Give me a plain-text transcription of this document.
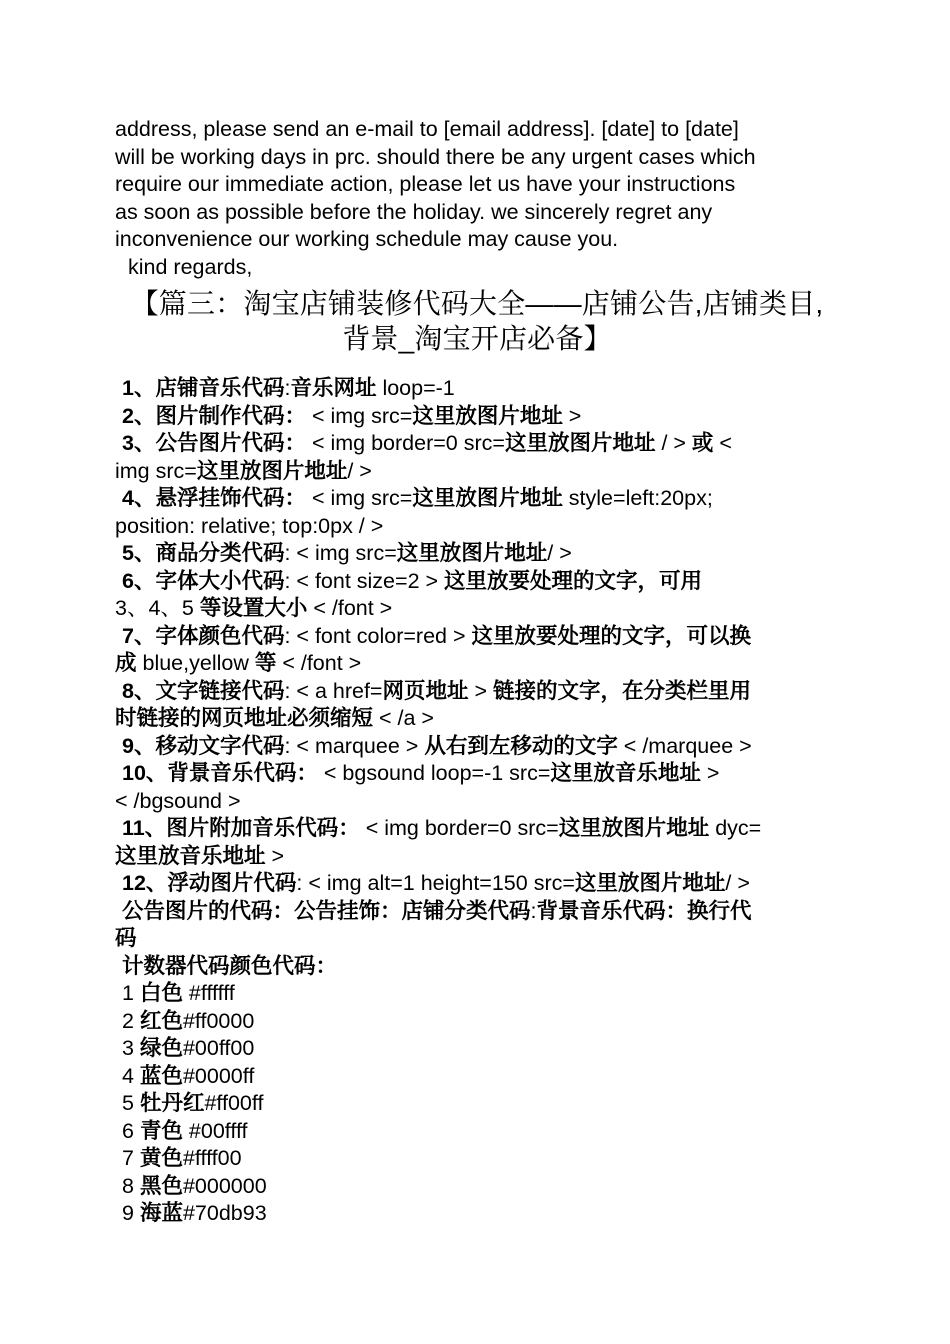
address, please send an e-mail to [email address]. [date] to [date]
will be working days in prc. should there be any urgent cases which
require our immediate action, please let us have your instructions
as soon as possible before the holiday. we sincerely regret any
inconvenience our working schedule may cause you.
kind regards,
【篇三：淘宝店铺装修代码大全——店铺公告,店铺类目,
背景_淘宝开店必备】
1、店铺音乐代码:音乐网址 loop=-1
2、图片制作代码： < img src=这里放图片地址 >
3、公告图片代码： < img border=0 src=这里放图片地址 / > 或 <
img src=这里放图片地址/ >
4、悬浮挂饰代码： < img src=这里放图片地址 style=left:20px;
position: relative; top:0px / >
5、商品分类代码: < img src=这里放图片地址/ >
6、字体大小代码: < font size=2 > 这里放要处理的文字，可用
3、4、5 等设置大小 < /font >
7、字体颜色代码: < font color=red > 这里放要处理的文字，可以换
成 blue,yellow 等 < /font >
8、文字链接代码: < a href=网页地址 > 链接的文字，在分类栏里用
时链接的网页地址必须缩短 < /a >
9、移动文字代码: < marquee > 从右到左移动的文字 < /marquee >
10、背景音乐代码： < bgsound loop=-1 src=这里放音乐地址 >
< /bgsound >
11、图片附加音乐代码： < img border=0 src=这里放图片地址 dyc=
这里放音乐地址 >
12、浮动图片代码: < img alt=1 height=150 src=这里放图片地址/ >
公告图片的代码：公告挂饰：店铺分类代码:背景音乐代码：换行代
码
计数器代码颜色代码：
1 白色 #ffffff
2 红色#ff0000
3 绿色#00ff00
4 蓝色#0000ff
5 牡丹红#ff00ff
6 青色 #00ffff
7 黄色#ffff00
8 黑色#000000
9 海蓝#70db93
